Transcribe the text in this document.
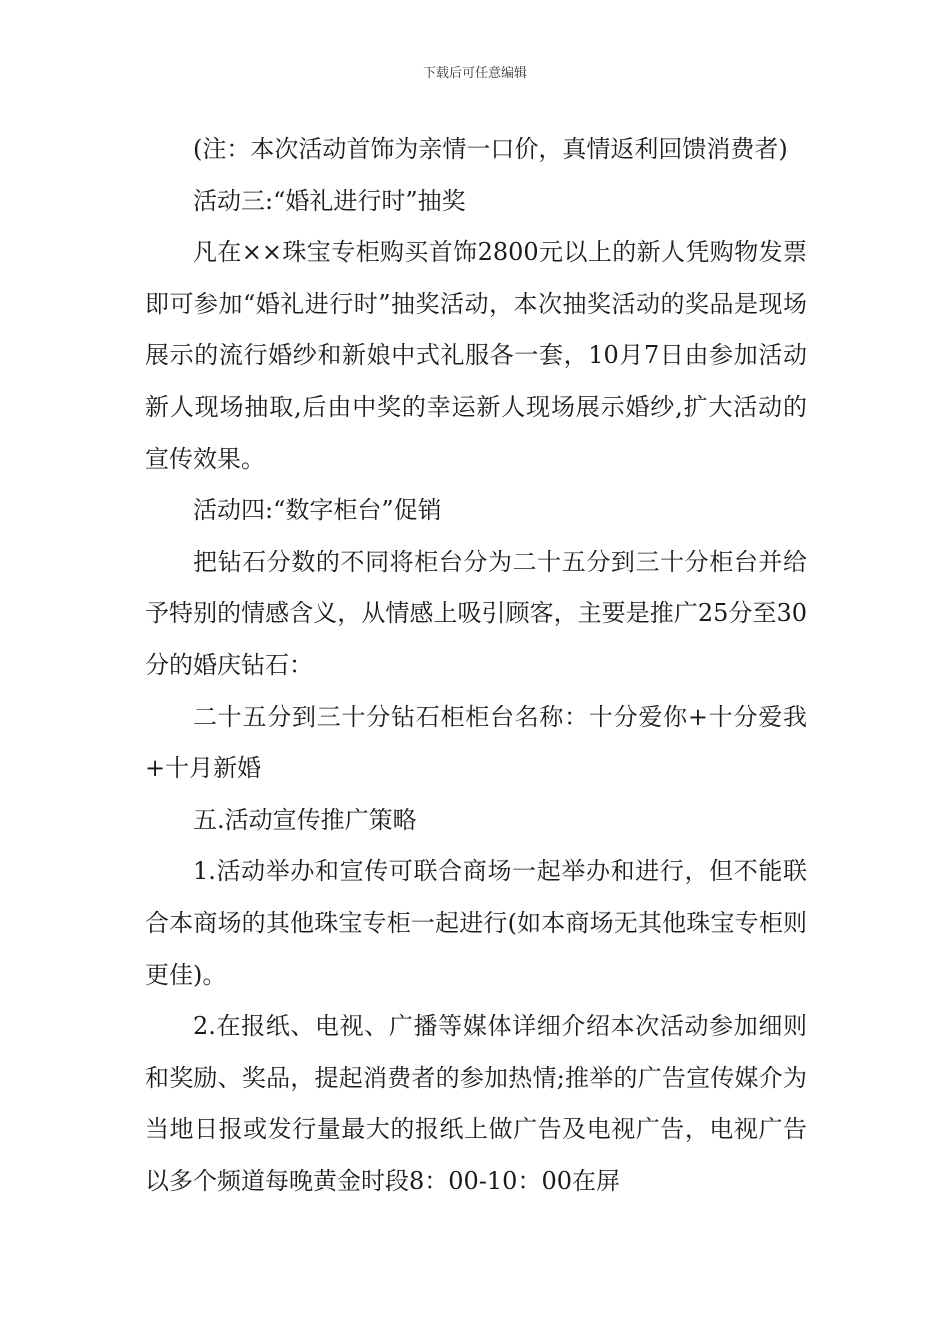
下载后可任意编辑

(注：本次活动首饰为亲情一口价，真情返利回馈消费者)

活动三:“婚礼进行时”抽奖

凡在××珠宝专柜购买首饰2800元以上的新人凭购物发票即可参加“婚礼进行时”抽奖活动，本次抽奖活动的奖品是现场展示的流行婚纱和新娘中式礼服各一套，10月7日由参加活动新人现场抽取,后由中奖的幸运新人现场展示婚纱,扩大活动的宣传效果。

活动四:“数字柜台”促销

把钻石分数的不同将柜台分为二十五分到三十分柜台并给予特别的情感含义，从情感上吸引顾客，主要是推广25分至30分的婚庆钻石：

二十五分到三十分钻石柜柜台名称：十分爱你+十分爱我+十月新婚

五.活动宣传推广策略

1.活动举办和宣传可联合商场一起举办和进行，但不能联合本商场的其他珠宝专柜一起进行(如本商场无其他珠宝专柜则更佳)。

2.在报纸、电视、广播等媒体详细介绍本次活动参加细则和奖励、奖品，提起消费者的参加热情;推举的广告宣传媒介为当地日报或发行量最大的报纸上做广告及电视广告，电视广告以多个频道每晚黄金时段8：00-10：00在屏
